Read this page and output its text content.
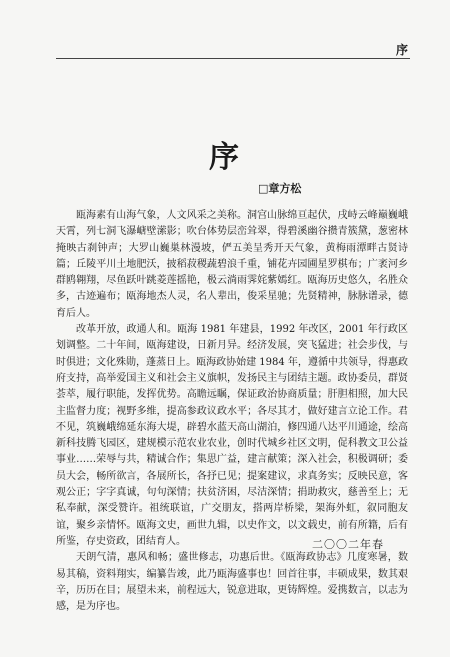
序
序
□章方松

瓯海素有山海气象，人文风采之美称。洞宫山脉绵亘起伏，戌峙云峰巅巍峨天霄，列七洞飞瀑嵣壁潆影；吹台体势层峦耸翠，得碧溪幽谷攒青簇黛，葱密林掩映古刹钟声；大罗山巍巣林漫坡，俨五美呈秀开天气象，黄梅雨潭畔古贤诗篇；丘陵平川土地肥沃，披稻菽稷蔬碧浪千重，铺花卉园圃星罗棋布；广袤河乡群鸥翱翔，尽鱼跃叶跳菱莲摇艳，极云淌雨霁姹紫嫣红。瓯海历史悠久，名胜众多，古迹遍布；瓯海地杰人灵，名人辈出，俊采星驰；先贤精神，脉脉谱录，德育后人。

改革开放，政通人和。瓯海 1981 年建县，1992 年改区，2001 年行政区划调整。二十年间，瓯海建设，日新月异。经济发展，突飞猛进；社会步伐，与时俱进；文化殊勋，蓬蒸日上。瓯海政协始建 1984 年，遵循中共领导，得惠政府支持，高举爱国主义和社会主义旗帜，发扬民主与团结主题。政协委员，群贤荟萃，履行职能，发挥优势。高瞻远瞩，保证政治协商质量；肝胆相照，加大民主监督力度；视野多维，提高参政议政水平；各尽其才，做好建言立论工作。君不见，筑巍峨绵延东海大堤，辟碧水蓝天高山湖泊，修四通八达平川通途，绘高新科技腾飞园区，建规模示范农业农业，创时代城乡社区文明，促科教文卫公益事业……荣辱与共，精诚合作；集思广益，建言献策；深入社会，积极调研；委员大会，畅所欲言，各展所长，各抒已见；提案建议，求真务实；反映民意，客观公正；字字真诚，句句深情；扶贫济困，尽洁深情；捐助救灾，慈善至上；无私奉献，深受赞许。祖统联谊，广交朋友，搭两岸桥梁，架海外虹，叙同胞友谊，聚乡亲情怀。瓯海文史，画世九辑，以史作文，以文载史，前有所籍，后有所鉴，存史资政，团结育人。

天朗气清，惠风和畅；盛世修志，功惠后世。《瓯海政协志》几度寒暑，数易其稿，资料翔实，编纂告竣，此乃瓯海盛事也！回首往事，丰硕成果，数其艰辛，历历在目；展望未来，前程远大，锐意进取，更铸辉煌。爱携数言，以志为感，是为序也。

二〇〇二年春
